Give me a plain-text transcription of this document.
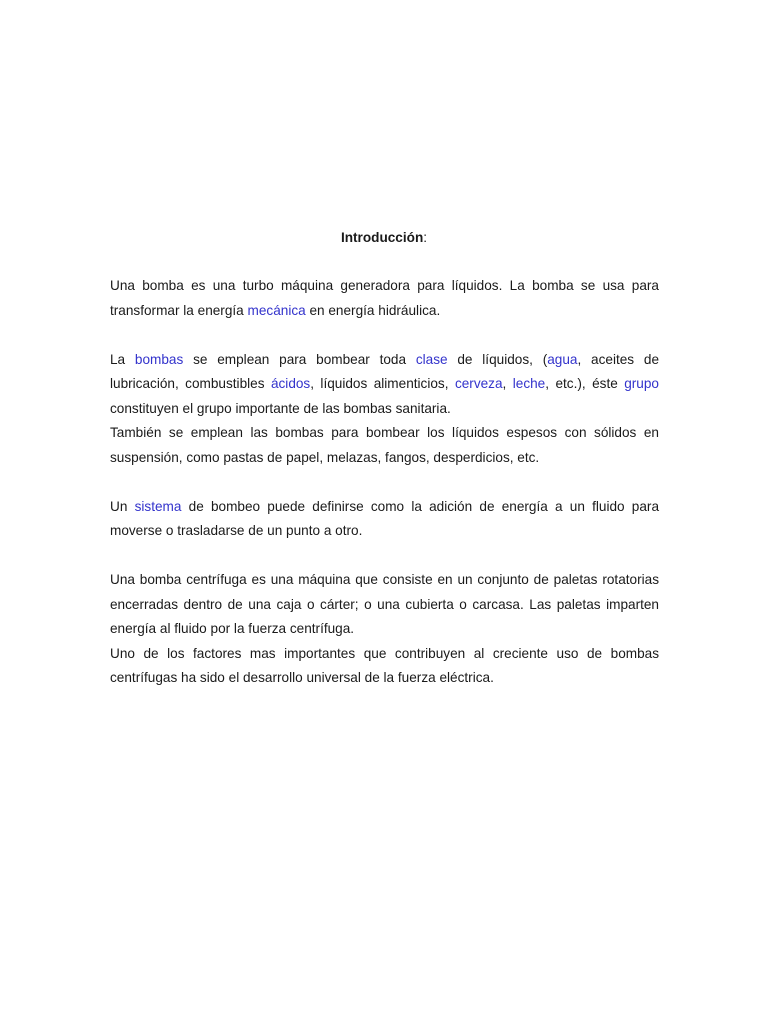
Introducción:

Una bomba es una turbo máquina generadora para líquidos. La bomba se usa para transformar la energía mecánica en energía hidráulica.

La bombas se emplean para bombear toda clase de líquidos, (agua, aceites de lubricación, combustibles ácidos, líquidos alimenticios, cerveza, leche, etc.), éste grupo constituyen el grupo importante de las bombas sanitaria.

También se emplean las bombas para bombear los líquidos espesos con sólidos en suspensión, como pastas de papel, melazas, fangos, desperdicios, etc.

Un sistema de bombeo puede definirse como la adición de energía a un fluido para moverse o trasladarse de un punto a otro.

Una bomba centrífuga es una máquina que consiste en un conjunto de paletas rotatorias encerradas dentro de una caja o cárter; o una cubierta o carcasa. Las paletas imparten energía al fluido por la fuerza centrífuga.

Uno de los factores mas importantes que contribuyen al creciente uso de bombas centrífugas ha sido el desarrollo universal de la fuerza eléctrica.
